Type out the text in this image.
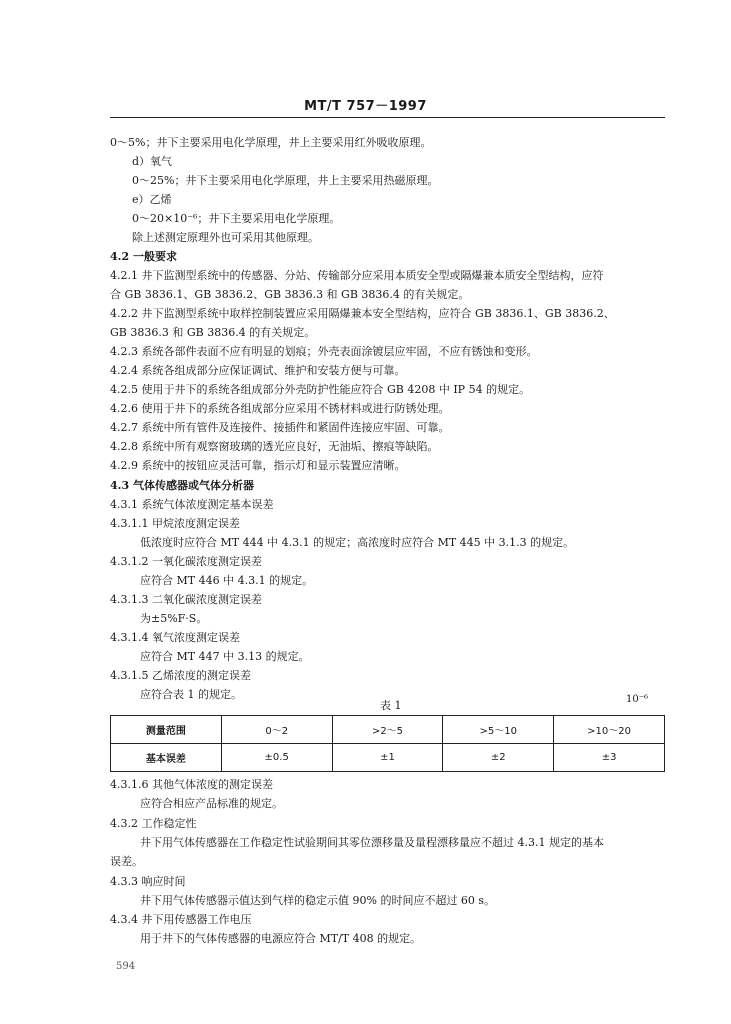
MT/T 757－1997
0～5%；井下主要采用电化学原理，井上主要采用红外吸收原理。
d）氧气
0～25%；井下主要采用电化学原理，井上主要采用热磁原理。
e）乙烯
0～20×10⁻⁶；井下主要采用电化学原理。
除上述测定原理外也可采用其他原理。
4.2 一般要求
4.2.1 井下监测型系统中的传感器、分站、传输部分应采用本质安全型或隔爆兼本质安全型结构，应符
合 GB 3836.1、GB 3836.2、GB 3836.3 和 GB 3836.4 的有关规定。
4.2.2 井下监测型系统中取样控制装置应采用隔爆兼本安全型结构，应符合 GB 3836.1、GB 3836.2、
GB 3836.3 和 GB 3836.4 的有关规定。
4.2.3 系统各部件表面不应有明显的划痕；外壳表面涂镀层应牢固，不应有锈蚀和变形。
4.2.4 系统各组成部分应保证调试、维护和安装方便与可靠。
4.2.5 使用于井下的系统各组成部分外壳防护性能应符合 GB 4208 中 IP 54 的规定。
4.2.6 使用于井下的系统各组成部分应采用不锈材料或进行防锈处理。
4.2.7 系统中所有管件及连接件、接插件和紧固件连接应牢固、可靠。
4.2.8 系统中所有观察窗玻璃的透光应良好，无油垢、擦痕等缺陷。
4.2.9 系统中的按钮应灵活可靠，指示灯和显示装置应清晰。
4.3 气体传感器或气体分析器
4.3.1 系统气体浓度测定基本误差
4.3.1.1 甲烷浓度测定误差
低浓度时应符合 MT 444 中 4.3.1 的规定；高浓度时应符合 MT 445 中 3.1.3 的规定。
4.3.1.2 一氧化碳浓度测定误差
应符合 MT 446 中 4.3.1 的规定。
4.3.1.3 二氧化碳浓度测定误差
为±5%F·S。
4.3.1.4 氧气浓度测定误差
应符合 MT 447 中 3.13 的规定。
4.3.1.5 乙烯浓度的测定误差
应符合表 1 的规定。
表 1	10⁻⁶
测量范围	0～2	>2～5	>5～10	>10～20
基本误差	±0.5	±1	±2	±3
4.3.1.6 其他气体浓度的测定误差
应符合相应产品标准的规定。
4.3.2 工作稳定性
井下用气体传感器在工作稳定性试验期间其零位漂移量及量程漂移量应不超过 4.3.1 规定的基本
误差。
4.3.3 响应时间
井下用气体传感器示值达到气样的稳定示值 90% 的时间应不超过 60 s。
4.3.4 井下用传感器工作电压
用于井下的气体传感器的电源应符合 MT/T 408 的规定。
594
